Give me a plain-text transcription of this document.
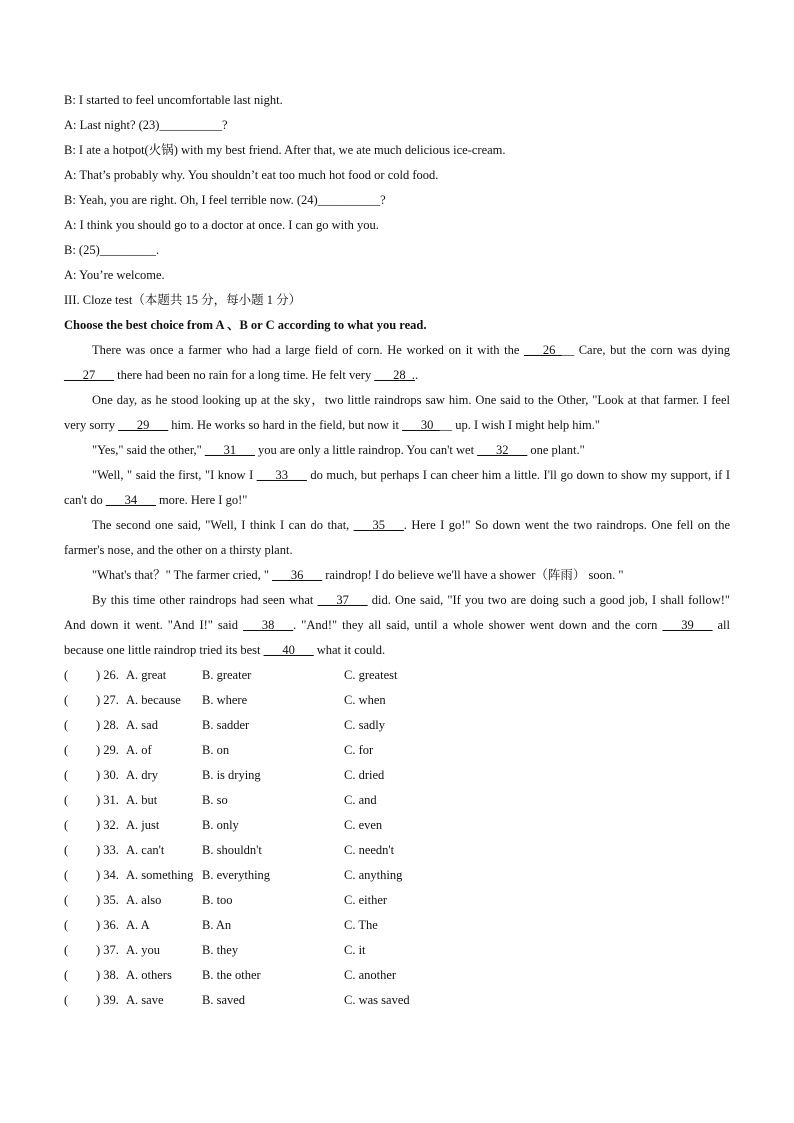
B: I started to feel uncomfortable last night.
A: Last night? (23)__________?
B: I ate a hotpot(火锅) with my best friend. After that, we ate much delicious ice-cream.
A: That’s probably why. You shouldn’t eat too much hot food or cold food.
B: Yeah, you are right. Oh, I feel terrible now. (24)__________?
A: I think you should go to a doctor at once. I can go with you.
B: (25)_________.
A: You’re welcome.
III. Cloze test（本题共 15 分，每小题 1 分）
Choose the best choice from A 、B or C according to what you read.

There was once a farmer who had a large field of corn. He worked on it with the ___26___ Care, but the corn was dying ___27___ there had been no rain for a long time. He felt very ___28_..

One day, as he stood looking up at the sky，two little raindrops saw him. One said to the Other, "Look at that farmer. I feel very sorry ___29___ him. He works so hard in the field, but now it ___30___ up. I wish I might help him."

"Yes," said the other," ___31___ you are only a little raindrop. You can't wet ___32___ one plant."

"Well, " said the first, "I know I ___33___ do much, but perhaps I can cheer him a little. I'll go down to show my support, if I can't do ___34___ more. Here I go!"

The second one said, "Well, I think I can do that, ___35___. Here I go!" So down went the two raindrops. One fell on the farmer's nose, and the other on a thirsty plant.

"What's that？" The farmer cried, " ___36___ raindrop! I do believe we'll have a shower（阵雨） soon. "

By this time other raindrops had seen what ___37___ did. One said, "If you two are doing such a good job, I shall follow!" And down it went. "And I!" said ___38___. "And!" they all said, until a whole shower went down and the corn ___39___ all because one little raindrop tried its best ___40___ what it could.

( ) 26. A. great	B. greater	C. greatest
( ) 27. A. because B. where	C. when
( ) 28. A. sad	B. sadder	C. sadly
( ) 29. A. of	B. on	C. for
( ) 30. A. dry	B. is drying	C. dried
( ) 31. A. but	B. so	C. and
( ) 32. A. just	B. only	C. even
( ) 33. A. can't	B. shouldn't	C. needn't
( ) 34. A. something B. everything	C. anything
( ) 35. A. also	B. too	C. either
( ) 36. A. A	B. An	C. The
( ) 37. A. you	B. they	C. it
( ) 38. A. others B. the other	C. another
( ) 39. A. save	B. saved	C. was saved
